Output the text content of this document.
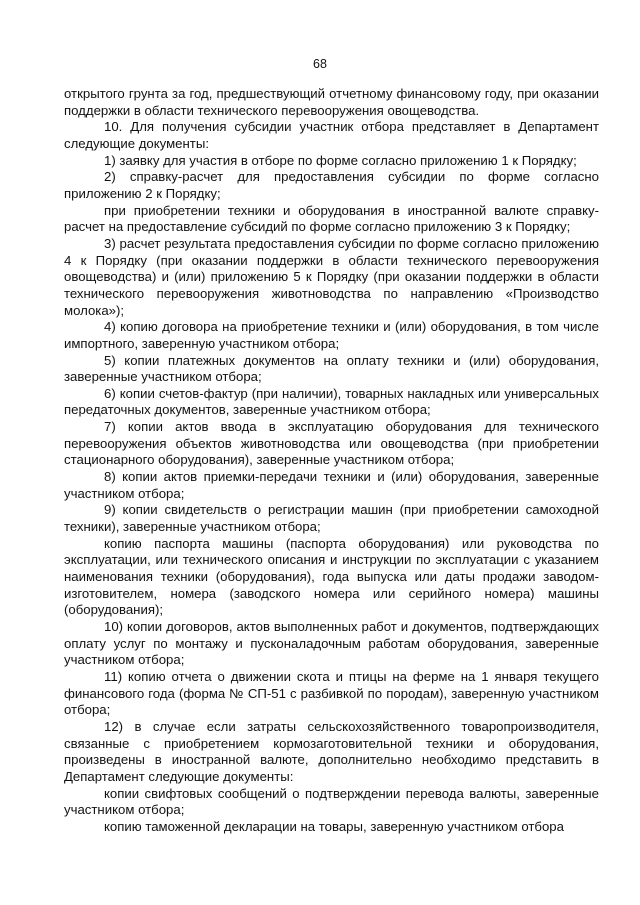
68

открытого грунта за год, предшествующий отчетному финансовому году, при оказании поддержки в области технического перевооружения овощеводства.

10. Для получения субсидии участник отбора представляет в Департамент следующие документы:

1) заявку для участия в отборе по форме согласно приложению 1 к Порядку;

2) справку-расчет для предоставления субсидии по форме согласно приложению 2 к Порядку;

при приобретении техники и оборудования в иностранной валюте справку-расчет на предоставление субсидий по форме согласно приложению 3 к Порядку;

3) расчет результата предоставления субсидии по форме согласно приложению 4 к Порядку (при оказании поддержки в области технического перевооружения овощеводства) и (или) приложению 5 к Порядку (при оказании поддержки в области технического перевооружения животноводства по направлению «Производство молока»);

4) копию договора на приобретение техники и (или) оборудования, в том числе импортного, заверенную участником отбора;

5) копии платежных документов на оплату техники и (или) оборудования, заверенные участником отбора;

6) копии счетов-фактур (при наличии), товарных накладных или универсальных передаточных документов, заверенные участником отбора;

7) копии актов ввода в эксплуатацию оборудования для технического перевооружения объектов животноводства или овощеводства (при приобретении стационарного оборудования), заверенные участником отбора;

8) копии актов приемки-передачи техники и (или) оборудования, заверенные участником отбора;

9) копии свидетельств о регистрации машин (при приобретении самоходной техники), заверенные участником отбора;

копию паспорта машины (паспорта оборудования) или руководства по эксплуатации, или технического описания и инструкции по эксплуатации с указанием наименования техники (оборудования), года выпуска или даты продажи заводом-изготовителем, номера (заводского номера или серийного номера) машины (оборудования);

10) копии договоров, актов выполненных работ и документов, подтверждающих оплату услуг по монтажу и пусконаладочным работам оборудования, заверенные участником отбора;

11) копию отчета о движении скота и птицы на ферме на 1 января текущего финансового года (форма № СП-51 с разбивкой по породам), заверенную участником отбора;

12) в случае если затраты сельскохозяйственного товаропроизводителя, связанные с приобретением кормозаготовительной техники и оборудования, произведены в иностранной валюте, дополнительно необходимо представить в Департамент следующие документы:

копии свифтовых сообщений о подтверждении перевода валюты, заверенные участником отбора;

копию таможенной декларации на товары, заверенную участником отбора
